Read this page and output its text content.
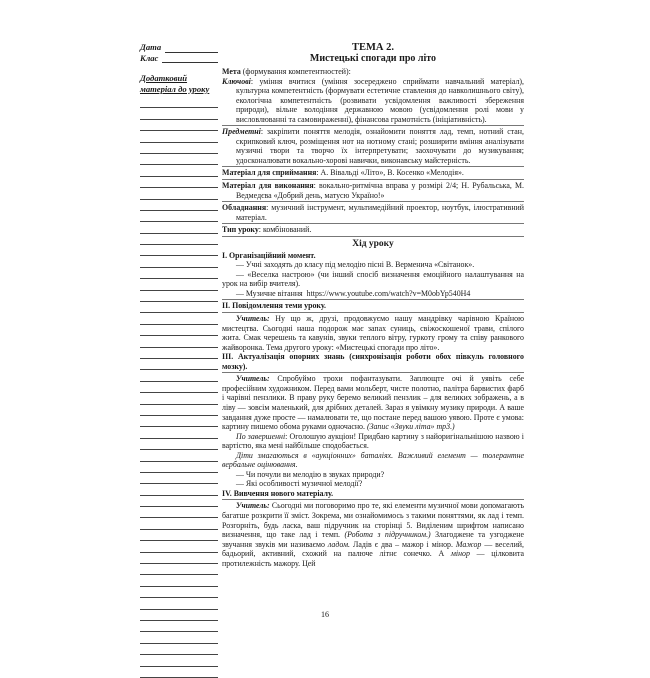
Дата
Клас
Додатковий матеріал до уроку
ТЕМА 2.
Мистецькі спогади про літо

Мета (формування компетентностей):

Ключові: уміння вчитися (уміння зосереджено сприймати навчальний матеріал), культурна компетентність (формувати естетичне ставлення до навколишнього світу), екологічна компетентність (розвивати усвідомлення важливості збереження природи), вільне володіння державною мовою (усвідомлення ролі мови у висловлюванні та самовираженні), фінансова грамотність (ініціативність).

Предметні: закріпити поняття мелодія, ознайомити поняття лад, темп, нотний стан, скрипковий ключ, розміщення нот на нотному стані; розширити вміння аналізувати музичні твори та творчо їх інтерпретувати; заохочувати до музикування; удосконалювати вокально-хорові навички, виконавську майстерність.

Матеріал для сприймання: А. Вівальді «Літо», В. Косенко «Мелодія».

Матеріал для виконання: вокально-ритмічна вправа у розмірі 2/4; Н. Рубальська, М. Ведмедєва «Добрий день, матусю Україно!»

Обладнання: музичний інструмент, мультимедійний проектор, ноутбук, ілюстративний матеріал.

Тип уроку: комбінований.

Хід уроку

I. Організаційний момент.

— Учні заходять до класу під мелодію пісні В. Верменича «Світанок».

— «Веселка настрою» (чи інший спосіб визначення емоційного налаштування на урок на вибір вчителя).

— Музичне вітання https://www.youtube.com/watch?v=M0obYp540H4

II. Повідомлення теми уроку.

Учитель: Ну що ж, друзі, продовжуємо нашу мандрівку чарівною Країною мистецтва. Сьогодні наша подорож має запах суниць, свіжоскошеної трави, спілого жита. Смак черешень та кавунів, звуки теплого вітру, гуркоту грому та співу ранкового жайворонка. Тема другого уроку: «Мистецькі спогади про літо».

III. Актуалізація опорних знань (синхронізація роботи обох півкуль головного мозку).

Учитель: Спробуймо трохи пофантазувати. Заплющте очі й уявіть себе професійним художником. Перед вами мольберт, чисте полотно, палітра барвистих фарб і чарівні пензлики. В праву руку беремо великий пензлик – для великих зображень, а в ліву — зовсім маленький, для дрібних деталей. Зараз я увімкну музику природи. А ваше завдання дуже просте — намалювати те, що постане перед вашою уявою. Проте є умова: картину пишемо обома руками одночасно. (Запис «Звуки літа» тр3.)

По завершенні: Оголошую аукціон! Придбаю картину з найоригінальнішою назвою і вартістю, яка мені найбільше сподобається.

Діти змагаються в «аукціонних» баталіях. Важливий елемент — толерантне вербальне оцінювання.

— Чи почули ви мелодію в звуках природи?

— Які особливості музичної мелодії?

IV. Вивчення нового матеріалу.

Учитель: Сьогодні ми поговоримо про те, які елементи музичної мови допомагають багатше розкрити її зміст. Зокрема, ми ознайомимось з такими поняттями, як лад і темп. Розгорніть, будь ласка, ваш підручник на сторінці 5. Виділеним шрифтом написано визначення, що таке лад і темп. (Робота з підручником.) Злагоджене та узгоджене звучання звуків ми називаємо ладом. Ладів є два – мажор і мінор. Мажор — веселий, бадьорий, активний, схожий на палюче літнє сонечко. А мінор — цілковита протилежність мажору. Цей

16
